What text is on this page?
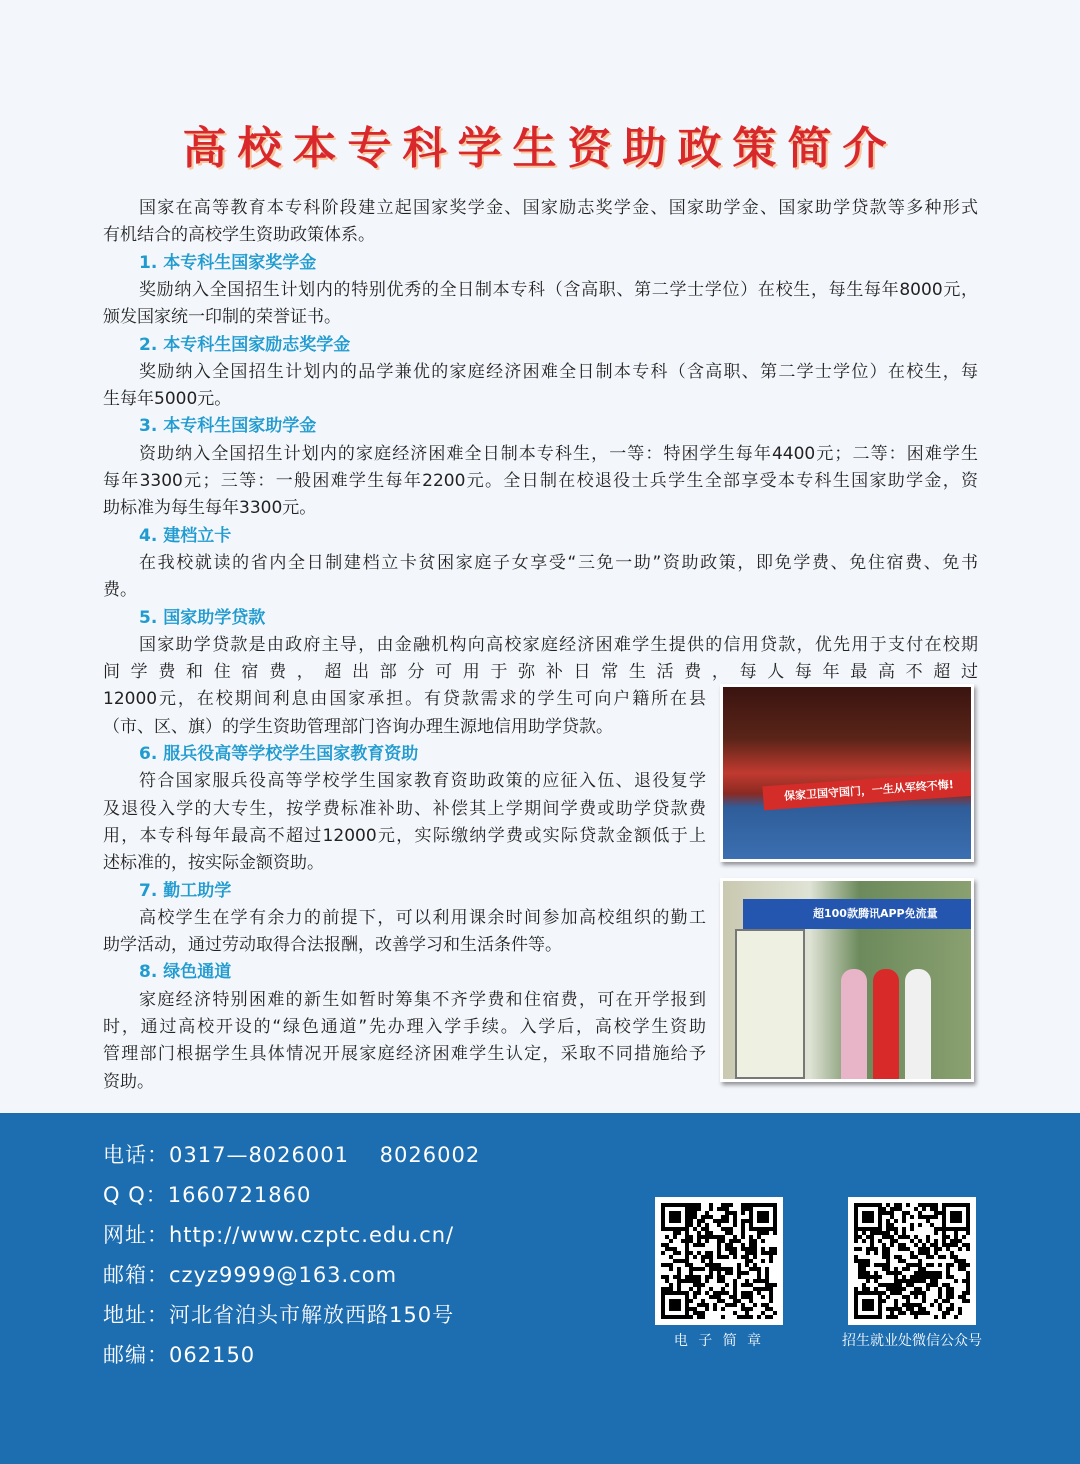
高校本专科学生资助政策简介
国家在高等教育本专科阶段建立起国家奖学金、国家励志奖学金、国家助学金、国家助学贷款等多种形式
有机结合的高校学生资助政策体系。
1. 本专科生国家奖学金
奖励纳入全国招生计划内的特别优秀的全日制本专科（含高职、第二学士学位）在校生，每生每年8000元，
颁发国家统一印制的荣誉证书。
2. 本专科生国家励志奖学金
奖励纳入全国招生计划内的品学兼优的家庭经济困难全日制本专科（含高职、第二学士学位）在校生，每
生每年5000元。
3. 本专科生国家助学金
资助纳入全国招生计划内的家庭经济困难全日制本专科生，一等：特困学生每年4400元；二等：困难学生
每年3300元；三等：一般困难学生每年2200元。全日制在校退役士兵学生全部享受本专科生国家助学金，资
助标准为每生每年3300元。
4. 建档立卡
在我校就读的省内全日制建档立卡贫困家庭子女享受“三免一助”资助政策，即免学费、免住宿费、免书
费。
5. 国家助学贷款
国家助学贷款是由政府主导，由金融机构向高校家庭经济困难学生提供的信用贷款，优先用于支付在校期
间学费和住宿费，超出部分可用于弥补日常生活费，每人每年最高不超过
12000元，在校期间利息由国家承担。有贷款需求的学生可向户籍所在县
（市、区、旗）的学生资助管理部门咨询办理生源地信用助学贷款。
6. 服兵役高等学校学生国家教育资助
符合国家服兵役高等学校学生国家教育资助政策的应征入伍、退役复学
及退役入学的大专生，按学费标准补助、补偿其上学期间学费或助学贷款费
用，本专科每年最高不超过12000元，实际缴纳学费或实际贷款金额低于上
述标准的，按实际金额资助。
7. 勤工助学
高校学生在学有余力的前提下，可以利用课余时间参加高校组织的勤工
助学活动，通过劳动取得合法报酬，改善学习和生活条件等。
8. 绿色通道
家庭经济特别困难的新生如暂时筹集不齐学费和住宿费，可在开学报到
时，通过高校开设的“绿色通道”先办理入学手续。入学后，高校学生资助
管理部门根据学生具体情况开展家庭经济困难学生认定，采取不同措施给予
资助。
保家卫国守国门，一生从军终不悔!
超100款腾讯APP免流量
电话：0317—8026001    8026002
Q Q：1660721860
网址：http://www.czptc.edu.cn/
邮箱：czyz9999@163.com
地址：河北省泊头市解放西路150号
邮编：062150
电 子 简 章	招生就业处微信公众号
